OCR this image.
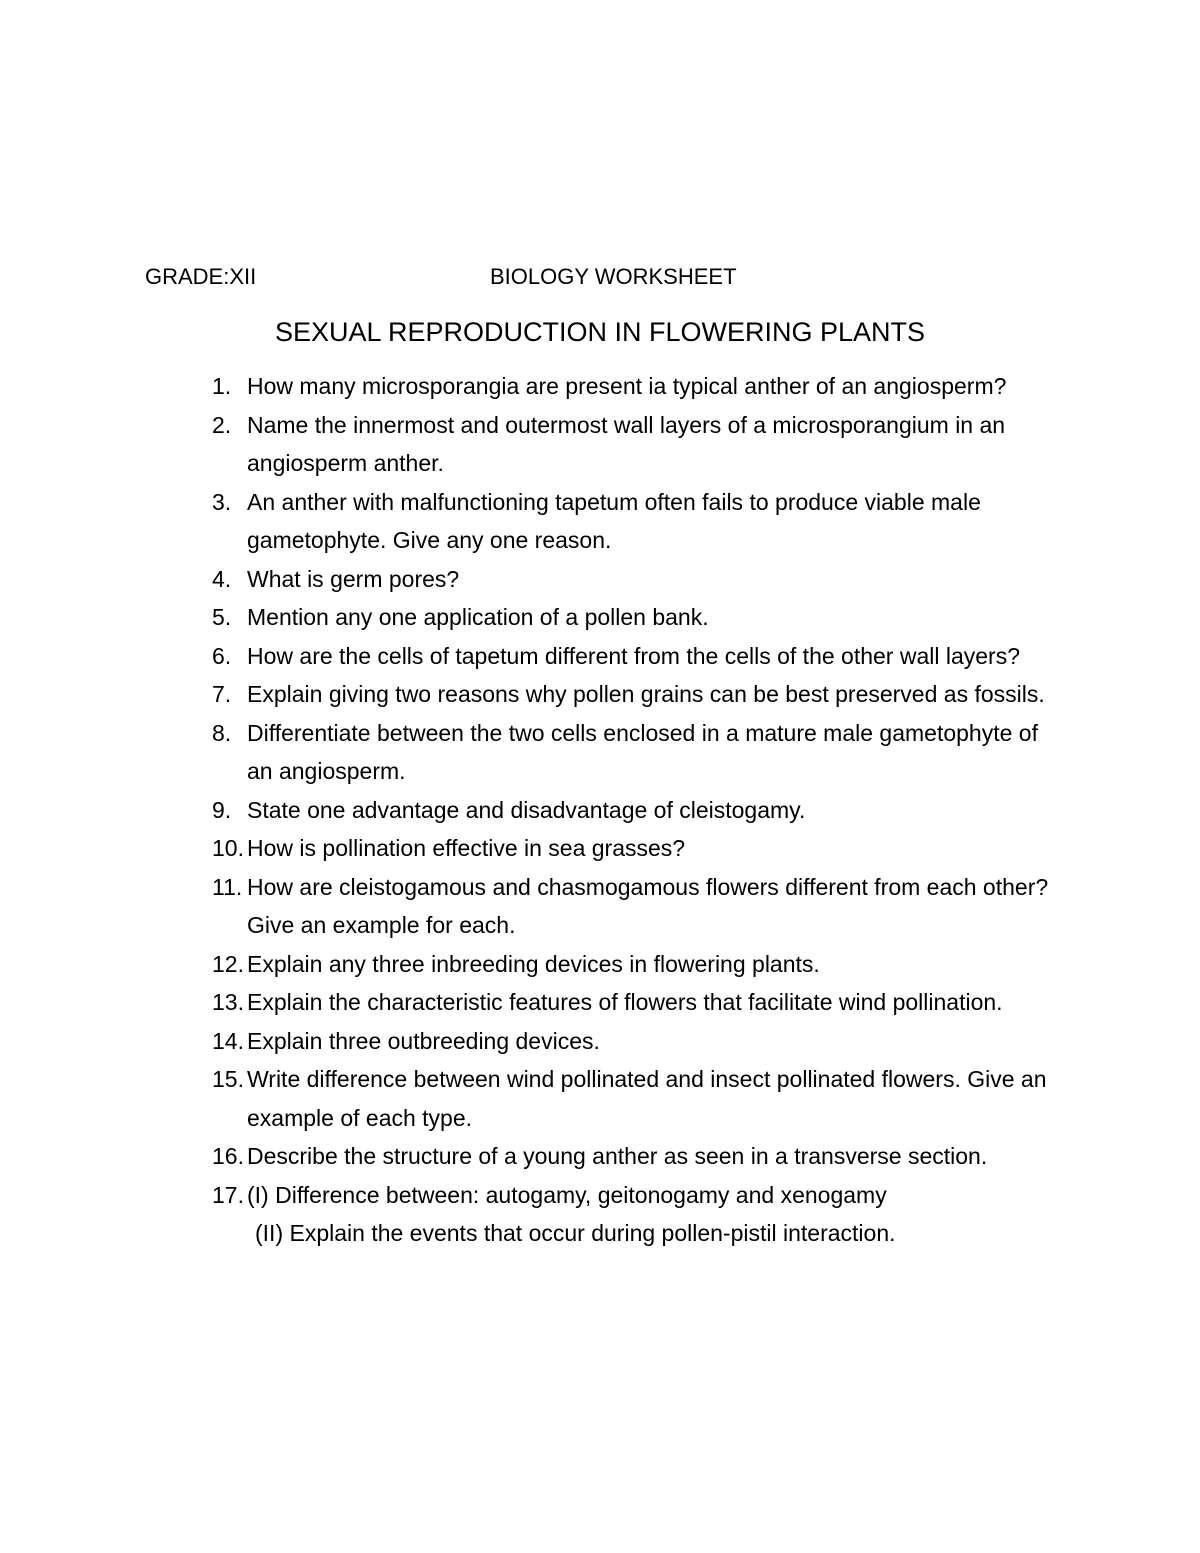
GRADE:XII	BIOLOGY WORKSHEET
SEXUAL REPRODUCTION IN FLOWERING PLANTS
1. How many microsporangia are present ia typical anther of an angiosperm?
2. Name the innermost and outermost wall layers of a microsporangium in an angiosperm anther.
3. An anther with malfunctioning tapetum often fails to produce viable male gametophyte. Give any one reason.
4. What is germ pores?
5. Mention any one application of a pollen bank.
6. How are the cells of tapetum different from the cells of the other wall layers?
7. Explain giving two reasons why pollen grains can be best preserved as fossils.
8. Differentiate between the two cells enclosed in a mature male gametophyte of an angiosperm.
9. State one advantage and disadvantage of cleistogamy.
10. How is pollination effective in sea grasses?
11. How are cleistogamous and chasmogamous flowers different from each other? Give an example for each.
12. Explain any three inbreeding devices in flowering plants.
13. Explain the characteristic features of flowers that facilitate wind pollination.
14. Explain three outbreeding devices.
15. Write difference between wind pollinated and insect pollinated flowers. Give an example of each type.
16. Describe the structure of a young anther as seen in a transverse section.
17. (I) Difference between: autogamy, geitonogamy and xenogamy
(II) Explain the events that occur during pollen-pistil interaction.
